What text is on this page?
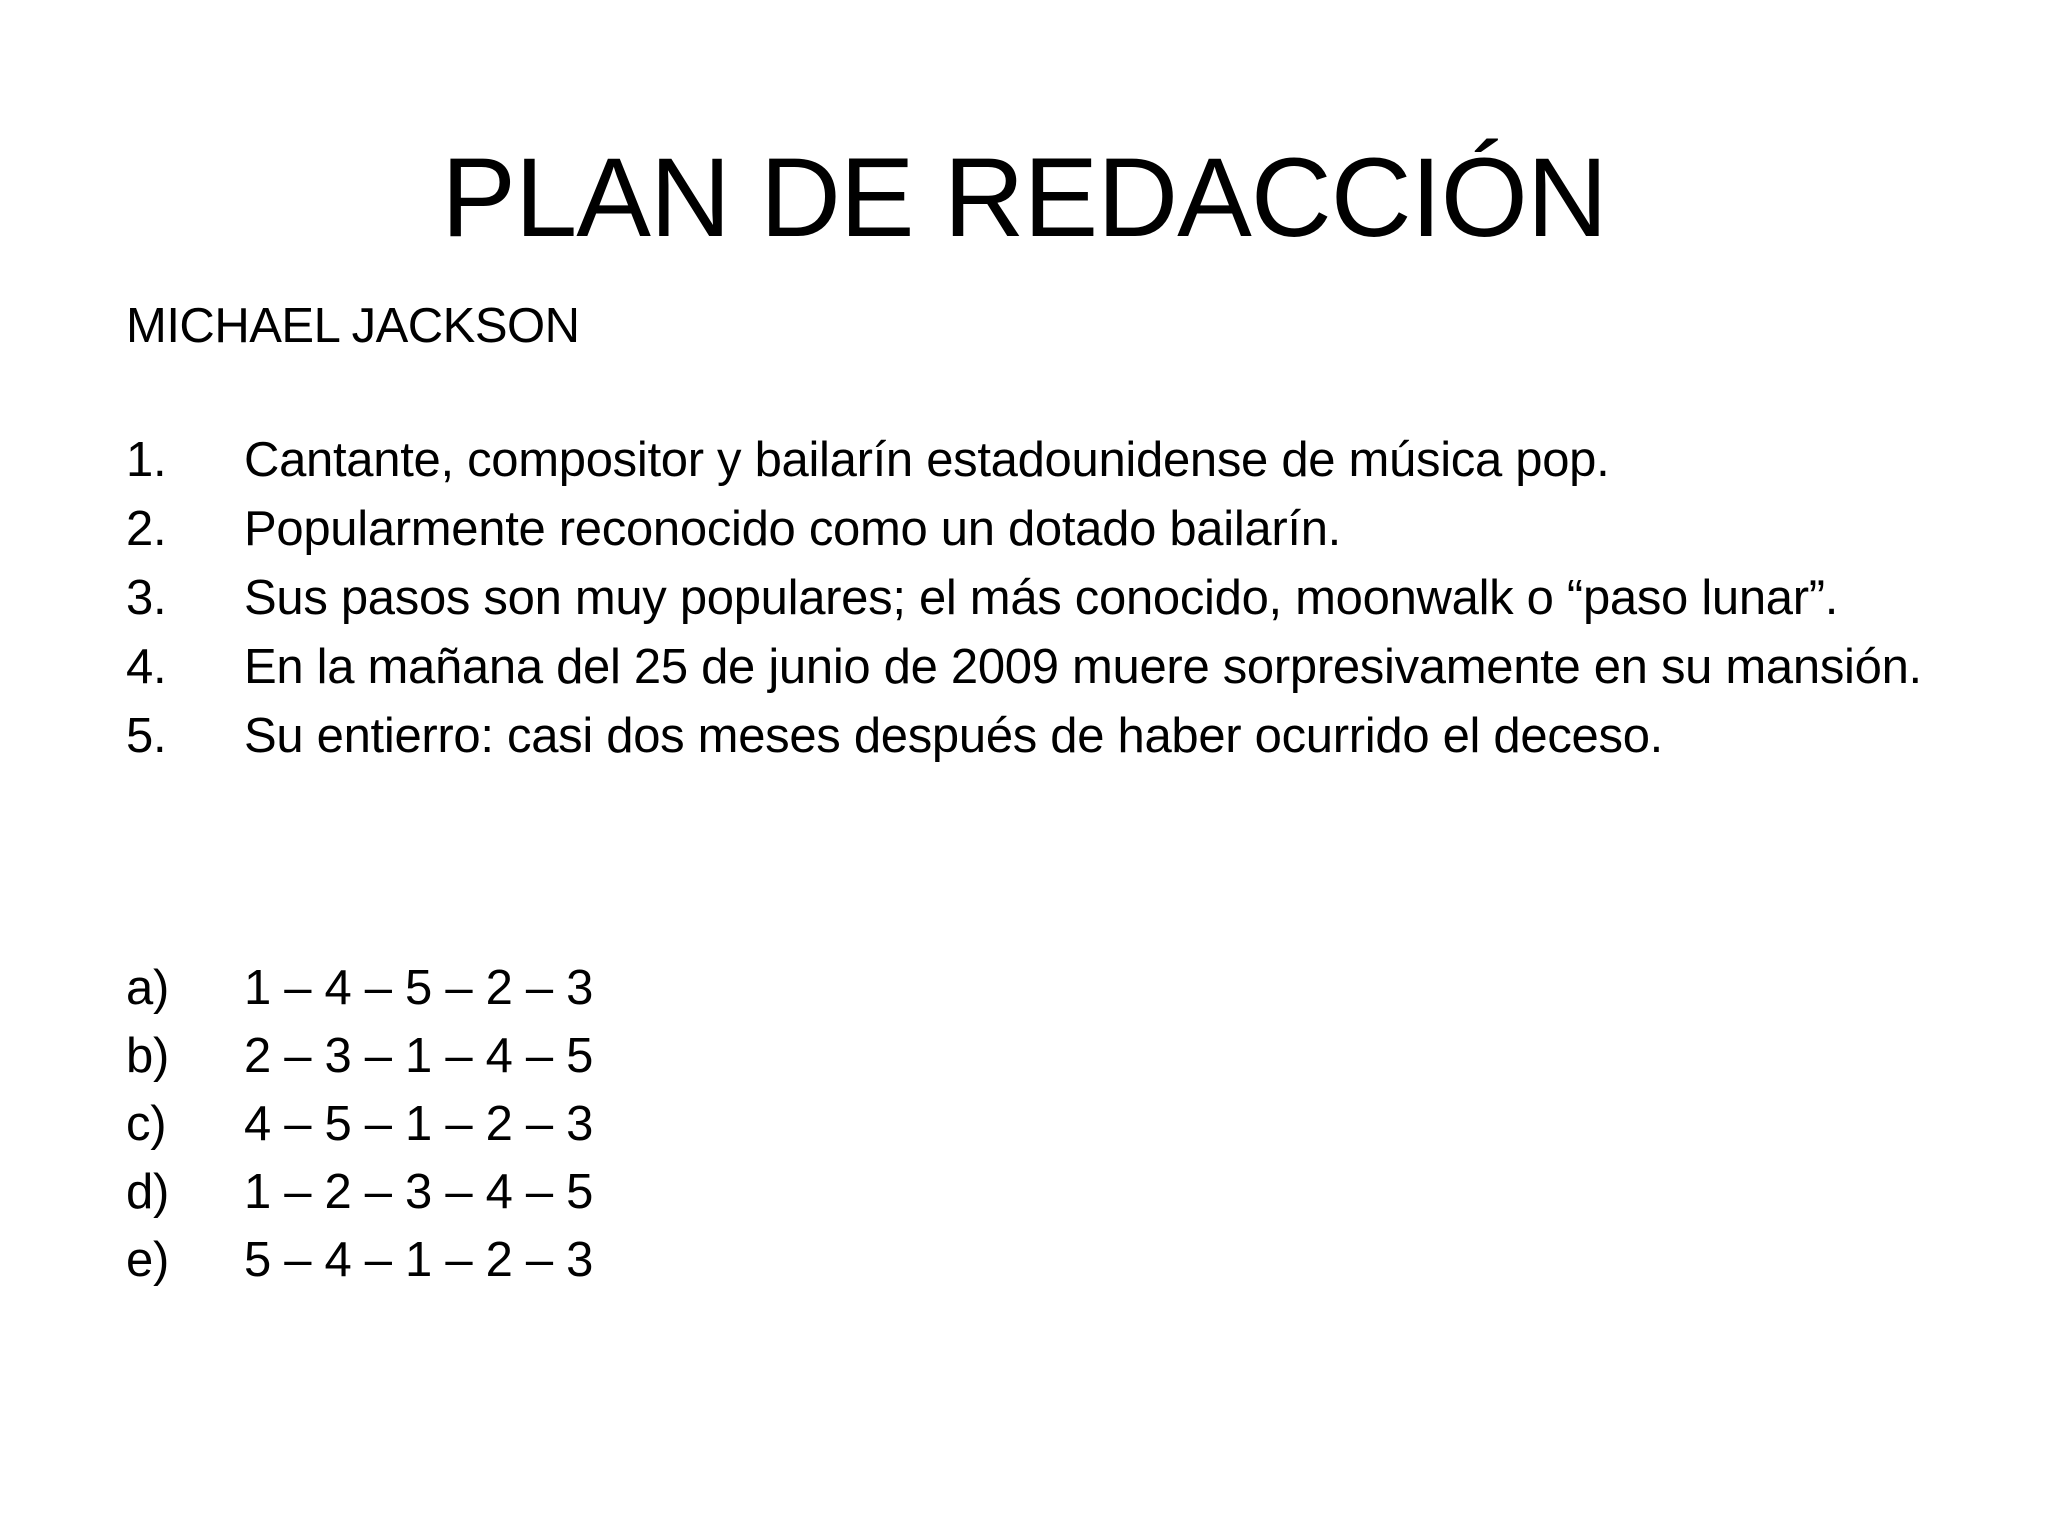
PLAN DE REDACCIÓN
MICHAEL JACKSON
1.	Cantante, compositor y bailarín estadounidense de música pop.
2.	Popularmente reconocido como un dotado bailarín.
3.	Sus pasos son muy populares; el más conocido, moonwalk o “paso lunar”.
4.	En la mañana del 25 de junio de 2009 muere sorpresivamente en su mansión.
5.	Su entierro: casi dos meses después de haber ocurrido el deceso.
a)	1 – 4 – 5 – 2 – 3
b)	2 – 3 – 1 – 4 – 5
c)	4 – 5 – 1 – 2 – 3
d)	1 – 2 – 3 – 4 – 5
e)	5 – 4 – 1 – 2 – 3
